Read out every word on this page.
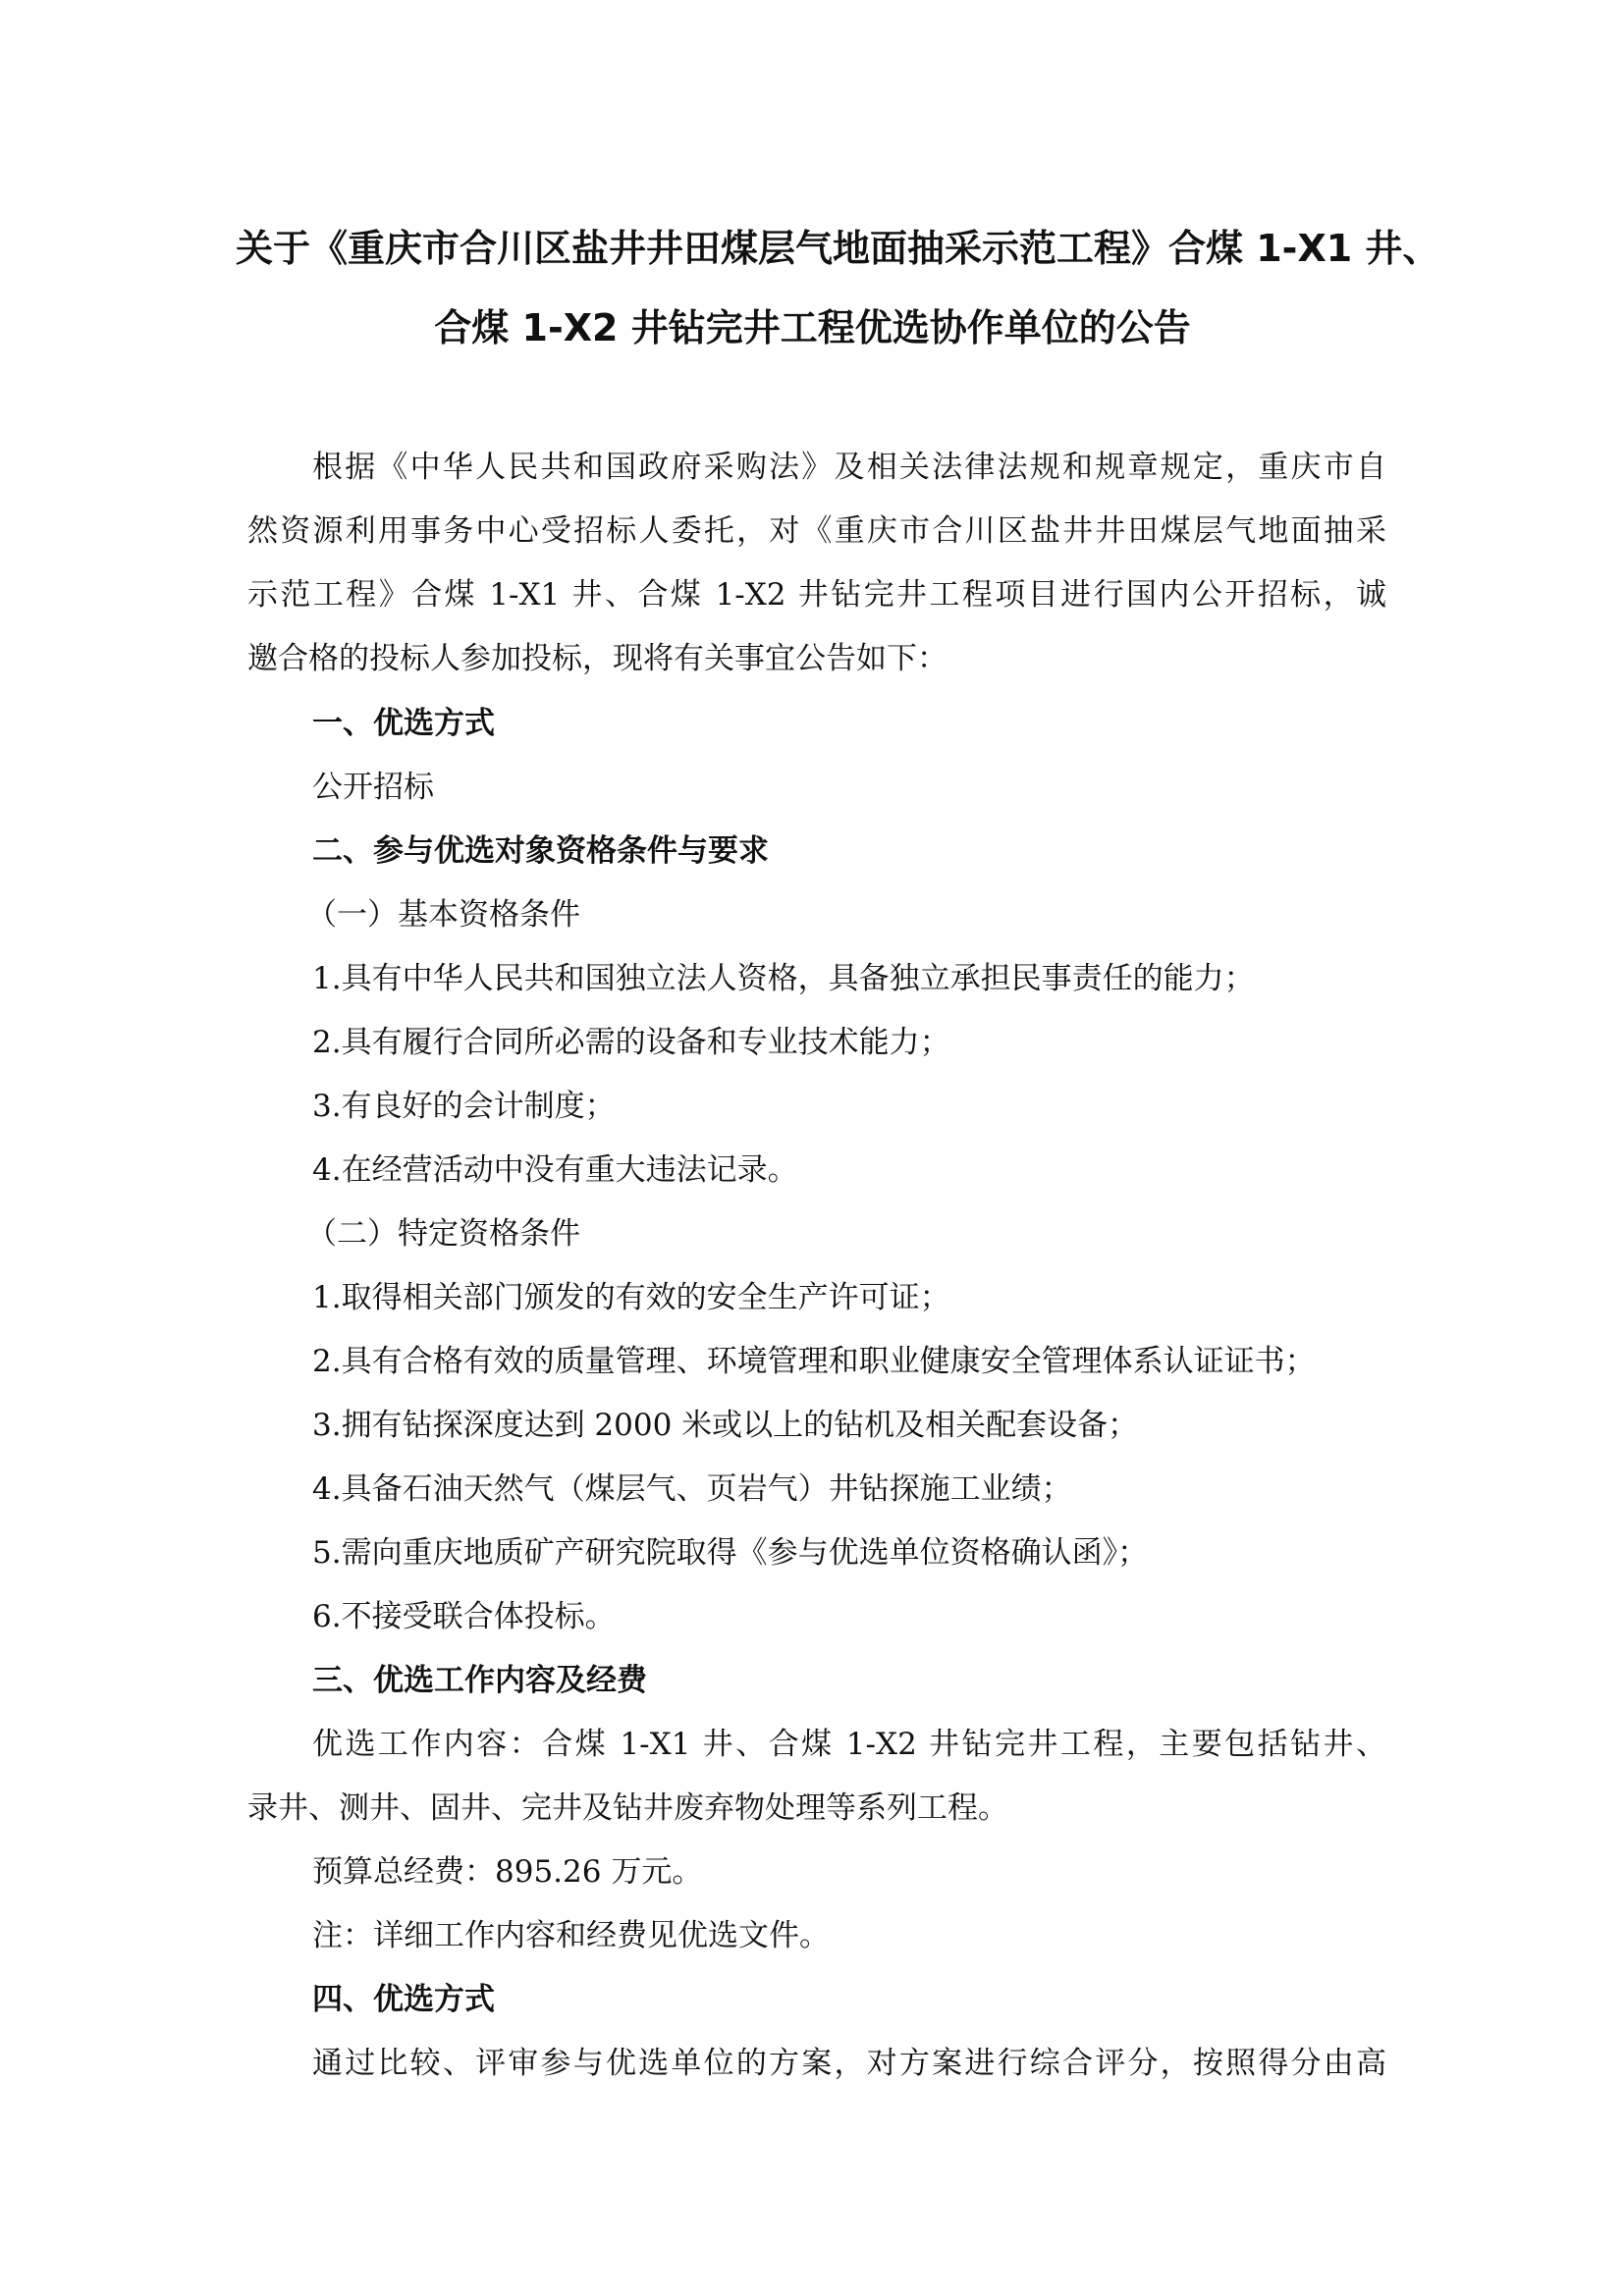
关于《重庆市合川区盐井井田煤层气地面抽采示范工程》合煤 1-X1 井、
合煤 1-X2 井钻完井工程优选协作单位的公告
根据《中华人民共和国政府采购法》及相关法律法规和规章规定，重庆市自
然资源利用事务中心受招标人委托，对《重庆市合川区盐井井田煤层气地面抽采
示范工程》合煤 1-X1 井、合煤 1-X2 井钻完井工程项目进行国内公开招标，诚
邀合格的投标人参加投标，现将有关事宜公告如下：
一、优选方式
公开招标
二、参与优选对象资格条件与要求
（一）基本资格条件
1.具有中华人民共和国独立法人资格，具备独立承担民事责任的能力；
2.具有履行合同所必需的设备和专业技术能力；
3.有良好的会计制度；
4.在经营活动中没有重大违法记录。
（二）特定资格条件
1.取得相关部门颁发的有效的安全生产许可证；
2.具有合格有效的质量管理、环境管理和职业健康安全管理体系认证证书；
3.拥有钻探深度达到 2000 米或以上的钻机及相关配套设备；
4.具备石油天然气（煤层气、页岩气）井钻探施工业绩；
5.需向重庆地质矿产研究院取得《参与优选单位资格确认函》；
6.不接受联合体投标。
三、优选工作内容及经费
优选工作内容：合煤 1-X1 井、合煤 1-X2 井钻完井工程，主要包括钻井、
录井、测井、固井、完井及钻井废弃物处理等系列工程。
预算总经费：895.26 万元。
注：详细工作内容和经费见优选文件。
四、优选方式
通过比较、评审参与优选单位的方案，对方案进行综合评分，按照得分由高
